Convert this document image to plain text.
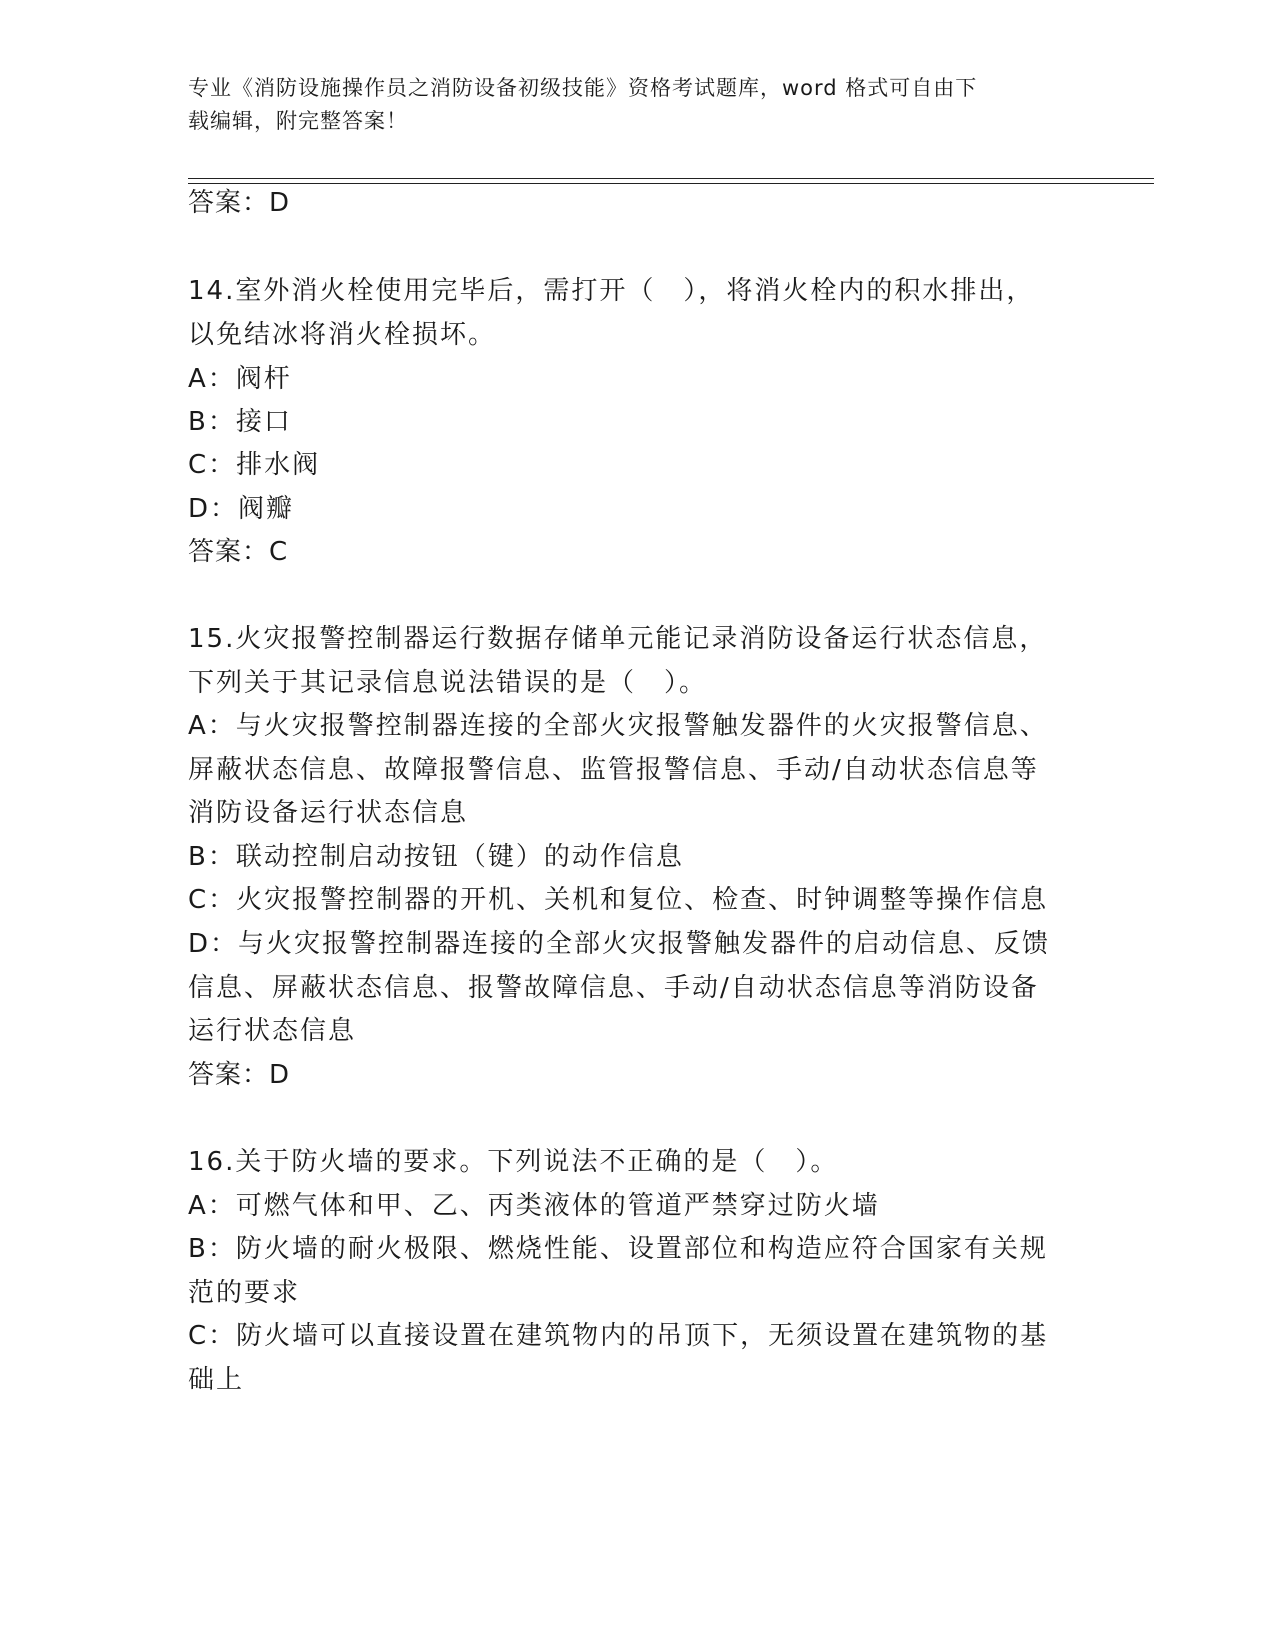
专业《消防设施操作员之消防设备初级技能》资格考试题库，word 格式可自由下
载编辑，附完整答案！
答案：D
14.室外消火栓使用完毕后，需打开（　），将消火栓内的积水排出，
以免结冰将消火栓损坏。
A：阀杆
B：接口
C：排水阀
D：阀瓣
答案：C
15.火灾报警控制器运行数据存储单元能记录消防设备运行状态信息，
下列关于其记录信息说法错误的是（　）。
A：与火灾报警控制器连接的全部火灾报警触发器件的火灾报警信息、
屏蔽状态信息、故障报警信息、监管报警信息、手动/自动状态信息等
消防设备运行状态信息
B：联动控制启动按钮（键）的动作信息
C：火灾报警控制器的开机、关机和复位、检查、时钟调整等操作信息
D：与火灾报警控制器连接的全部火灾报警触发器件的启动信息、反馈
信息、屏蔽状态信息、报警故障信息、手动/自动状态信息等消防设备
运行状态信息
答案：D
16.关于防火墙的要求。下列说法不正确的是（　）。
A：可燃气体和甲、乙、丙类液体的管道严禁穿过防火墙
B：防火墙的耐火极限、燃烧性能、设置部位和构造应符合国家有关规
范的要求
C：防火墙可以直接设置在建筑物内的吊顶下，无须设置在建筑物的基
础上
